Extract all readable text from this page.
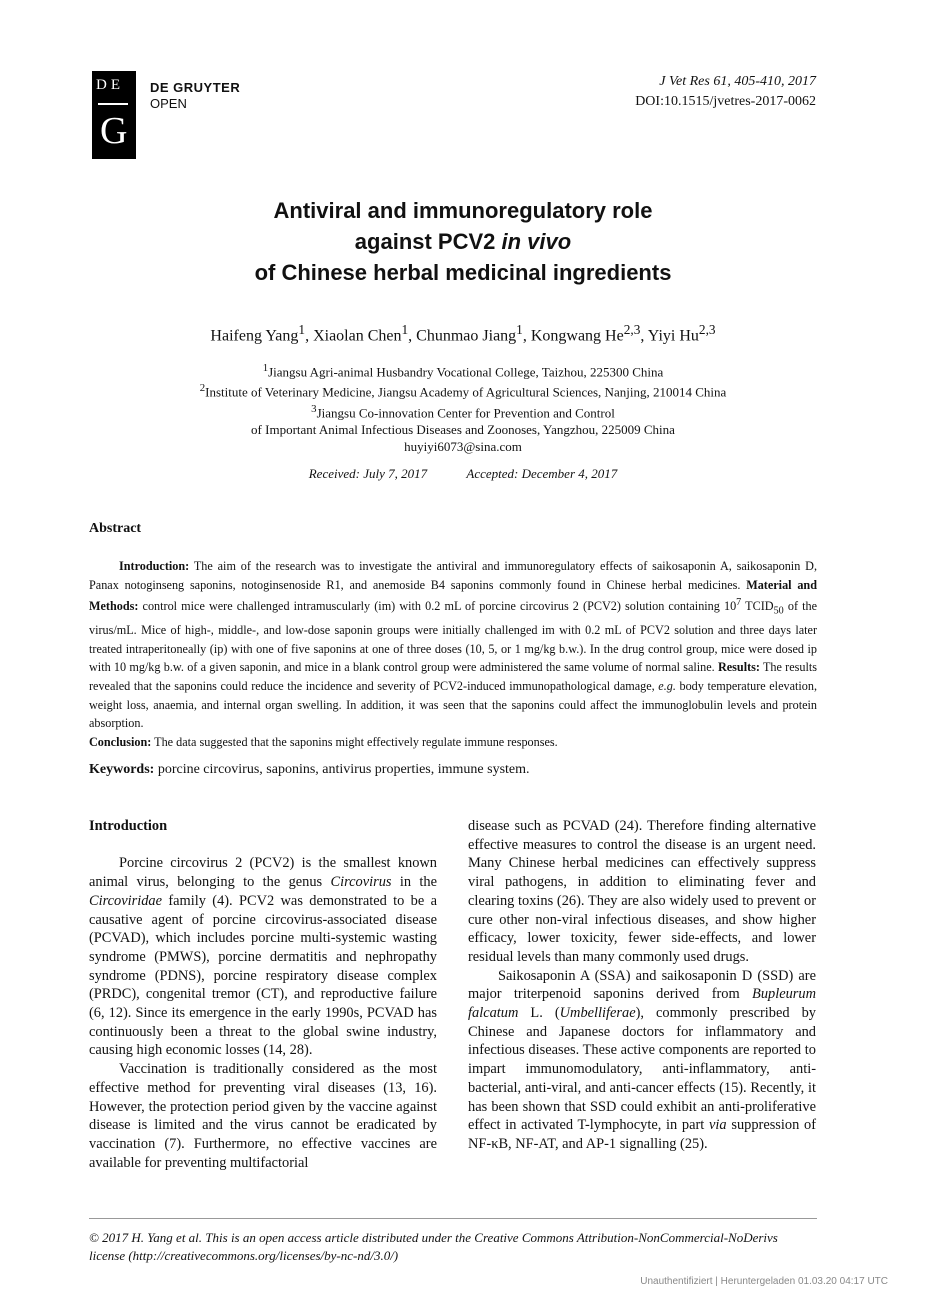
DE
G
DE GRUYTER
OPEN
J Vet Res 61, 405-410, 2017
DOI:10.1515/jvetres-2017-0062
Antiviral and immunoregulatory role
against PCV2 in vivo
of Chinese herbal medicinal ingredients
Haifeng Yang$^1$, Xiaolan Chen$^1$, Chunmao Jiang$^1$, Kongwang He$^{2,3}$, Yiyi Hu$^{2,3}$
$^1$Jiangsu Agri-animal Husbandry Vocational College, Taizhou, 225300 China
$^2$Institute of Veterinary Medicine, Jiangsu Academy of Agricultural Sciences, Nanjing, 210014 China
$^3$Jiangsu Co-innovation Center for Prevention and Control
of Important Animal Infectious Diseases and Zoonoses, Yangzhou, 225009 China
huyiyi6073@sina.com
Received: July 7, 2017	Accepted: December 4, 2017
Abstract

Introduction: The aim of the research was to investigate the antiviral and immunoregulatory effects of saikosaponin A, saikosaponin D, Panax notoginseng saponins, notoginsenoside R1, and anemoside B4 saponins commonly found in Chinese herbal medicines. Material and Methods: control mice were challenged intramuscularly (im) with 0.2 mL of porcine circovirus 2 (PCV2) solution containing $10^7$ $TCID_{50}$ of the virus/mL. Mice of high-, middle-, and low-dose saponin groups were initially challenged im with 0.2 mL of PCV2 solution and three days later treated intraperitoneally (ip) with one of five saponins at one of three doses (10, 5, or 1 mg/kg b.w.). In the drug control group, mice were dosed ip with 10 mg/kg b.w. of a given saponin, and mice in a blank control group were administered the same volume of normal saline. Results: The results revealed that the saponins could reduce the incidence and severity of PCV2-induced immunopathological damage, e.g. body temperature elevation, weight loss, anaemia, and internal organ swelling. In addition, it was seen that the saponins could affect the immunoglobulin levels and protein absorption.
Conclusion: The data suggested that the saponins might effectively regulate immune responses.

Keywords: porcine circovirus, saponins, antivirus properties, immune system.

Introduction

Porcine circovirus 2 (PCV2) is the smallest known animal virus, belonging to the genus Circovirus in the Circoviridae family (4). PCV2 was demonstrated to be a causative agent of porcine circovirus-associated disease (PCVAD), which includes porcine multi-systemic wasting syndrome (PMWS), porcine dermatitis and nephropathy syndrome (PDNS), porcine respiratory disease complex (PRDC), congenital tremor (CT), and reproductive failure (6, 12). Since its emergence in the early 1990s, PCVAD has continuously been a threat to the global swine industry, causing high economic losses (14, 28).

Vaccination is traditionally considered as the most effective method for preventing viral diseases (13, 16). However, the protection period given by the vaccine against disease is limited and the virus cannot be eradicated by vaccination (7). Furthermore, no effective vaccines are available for preventing multifactorial

disease such as PCVAD (24). Therefore finding alternative effective measures to control the disease is an urgent need. Many Chinese herbal medicines can effectively suppress viral pathogens, in addition to eliminating fever and clearing toxins (26). They are also widely used to prevent or cure other non-viral infectious diseases, and show higher efficacy, lower toxicity, fewer side-effects, and lower residual levels than many commonly used drugs.

Saikosaponin A (SSA) and saikosaponin D (SSD) are major triterpenoid saponins derived from Bupleurum falcatum L. (Umbelliferae), commonly prescribed by Chinese and Japanese doctors for inflammatory and infectious diseases. These active components are reported to impart immunomodulatory, anti-inflammatory, anti-bacterial, anti-viral, and anti-cancer effects (15). Recently, it has been shown that SSD could exhibit an anti-proliferative effect in activated T-lymphocyte, in part via suppression of NF-κB, NF-AT, and AP-1 signalling (25).

© 2017 H. Yang et al. This is an open access article distributed under the Creative Commons Attribution-NonCommercial-NoDerivs license (http://creativecommons.org/licenses/by-nc-nd/3.0/)
Unauthentifiziert | Heruntergeladen 01.03.20 04:17 UTC
